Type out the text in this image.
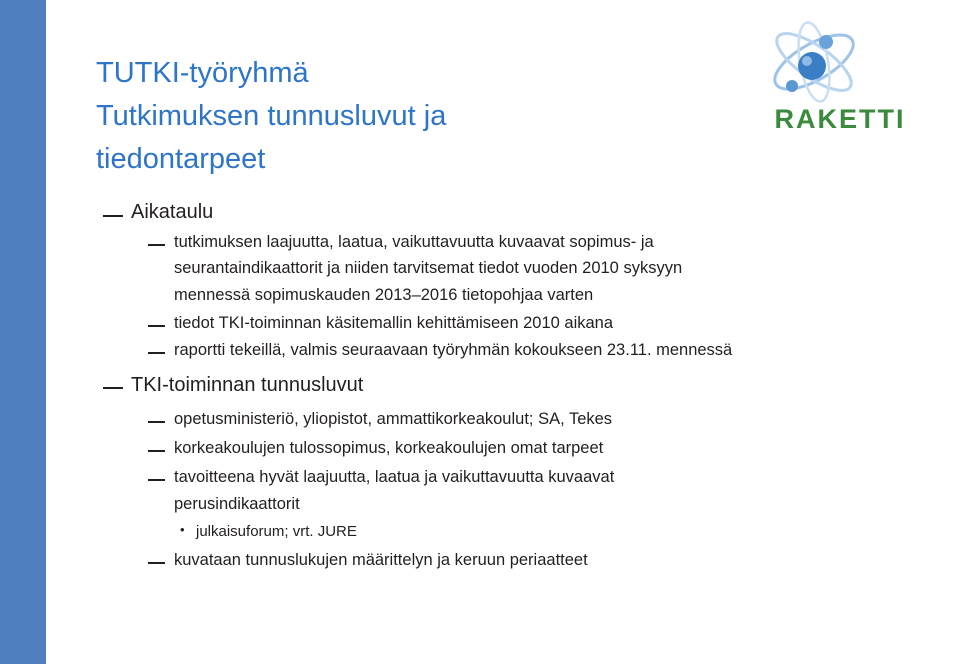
TUTKI-työryhmä
Tutkimuksen tunnusluvut ja
tiedontarpeet
RAKETTI
Aikataulu
tutkimuksen laajuutta, laatua, vaikuttavuutta kuvaavat sopimus- ja
seurantaindikaattorit ja niiden tarvitsemat tiedot vuoden 2010 syksyyn
mennessä sopimuskauden 2013–2016 tietopohjaa varten
tiedot TKI-toiminnan käsitemallin kehittämiseen 2010 aikana
raportti tekeillä, valmis seuraavaan työryhmän kokoukseen 23.11. mennessä
TKI-toiminnan tunnusluvut
opetusministeriö, yliopistot, ammattikorkeakoulut; SA, Tekes
korkeakoulujen tulossopimus, korkeakoulujen omat tarpeet
tavoitteena hyvät laajuutta, laatua ja vaikuttavuutta kuvaavat
perusindikaattorit
• julkaisuforum; vrt. JURE
kuvataan tunnuslukujen määrittelyn ja keruun periaatteet
